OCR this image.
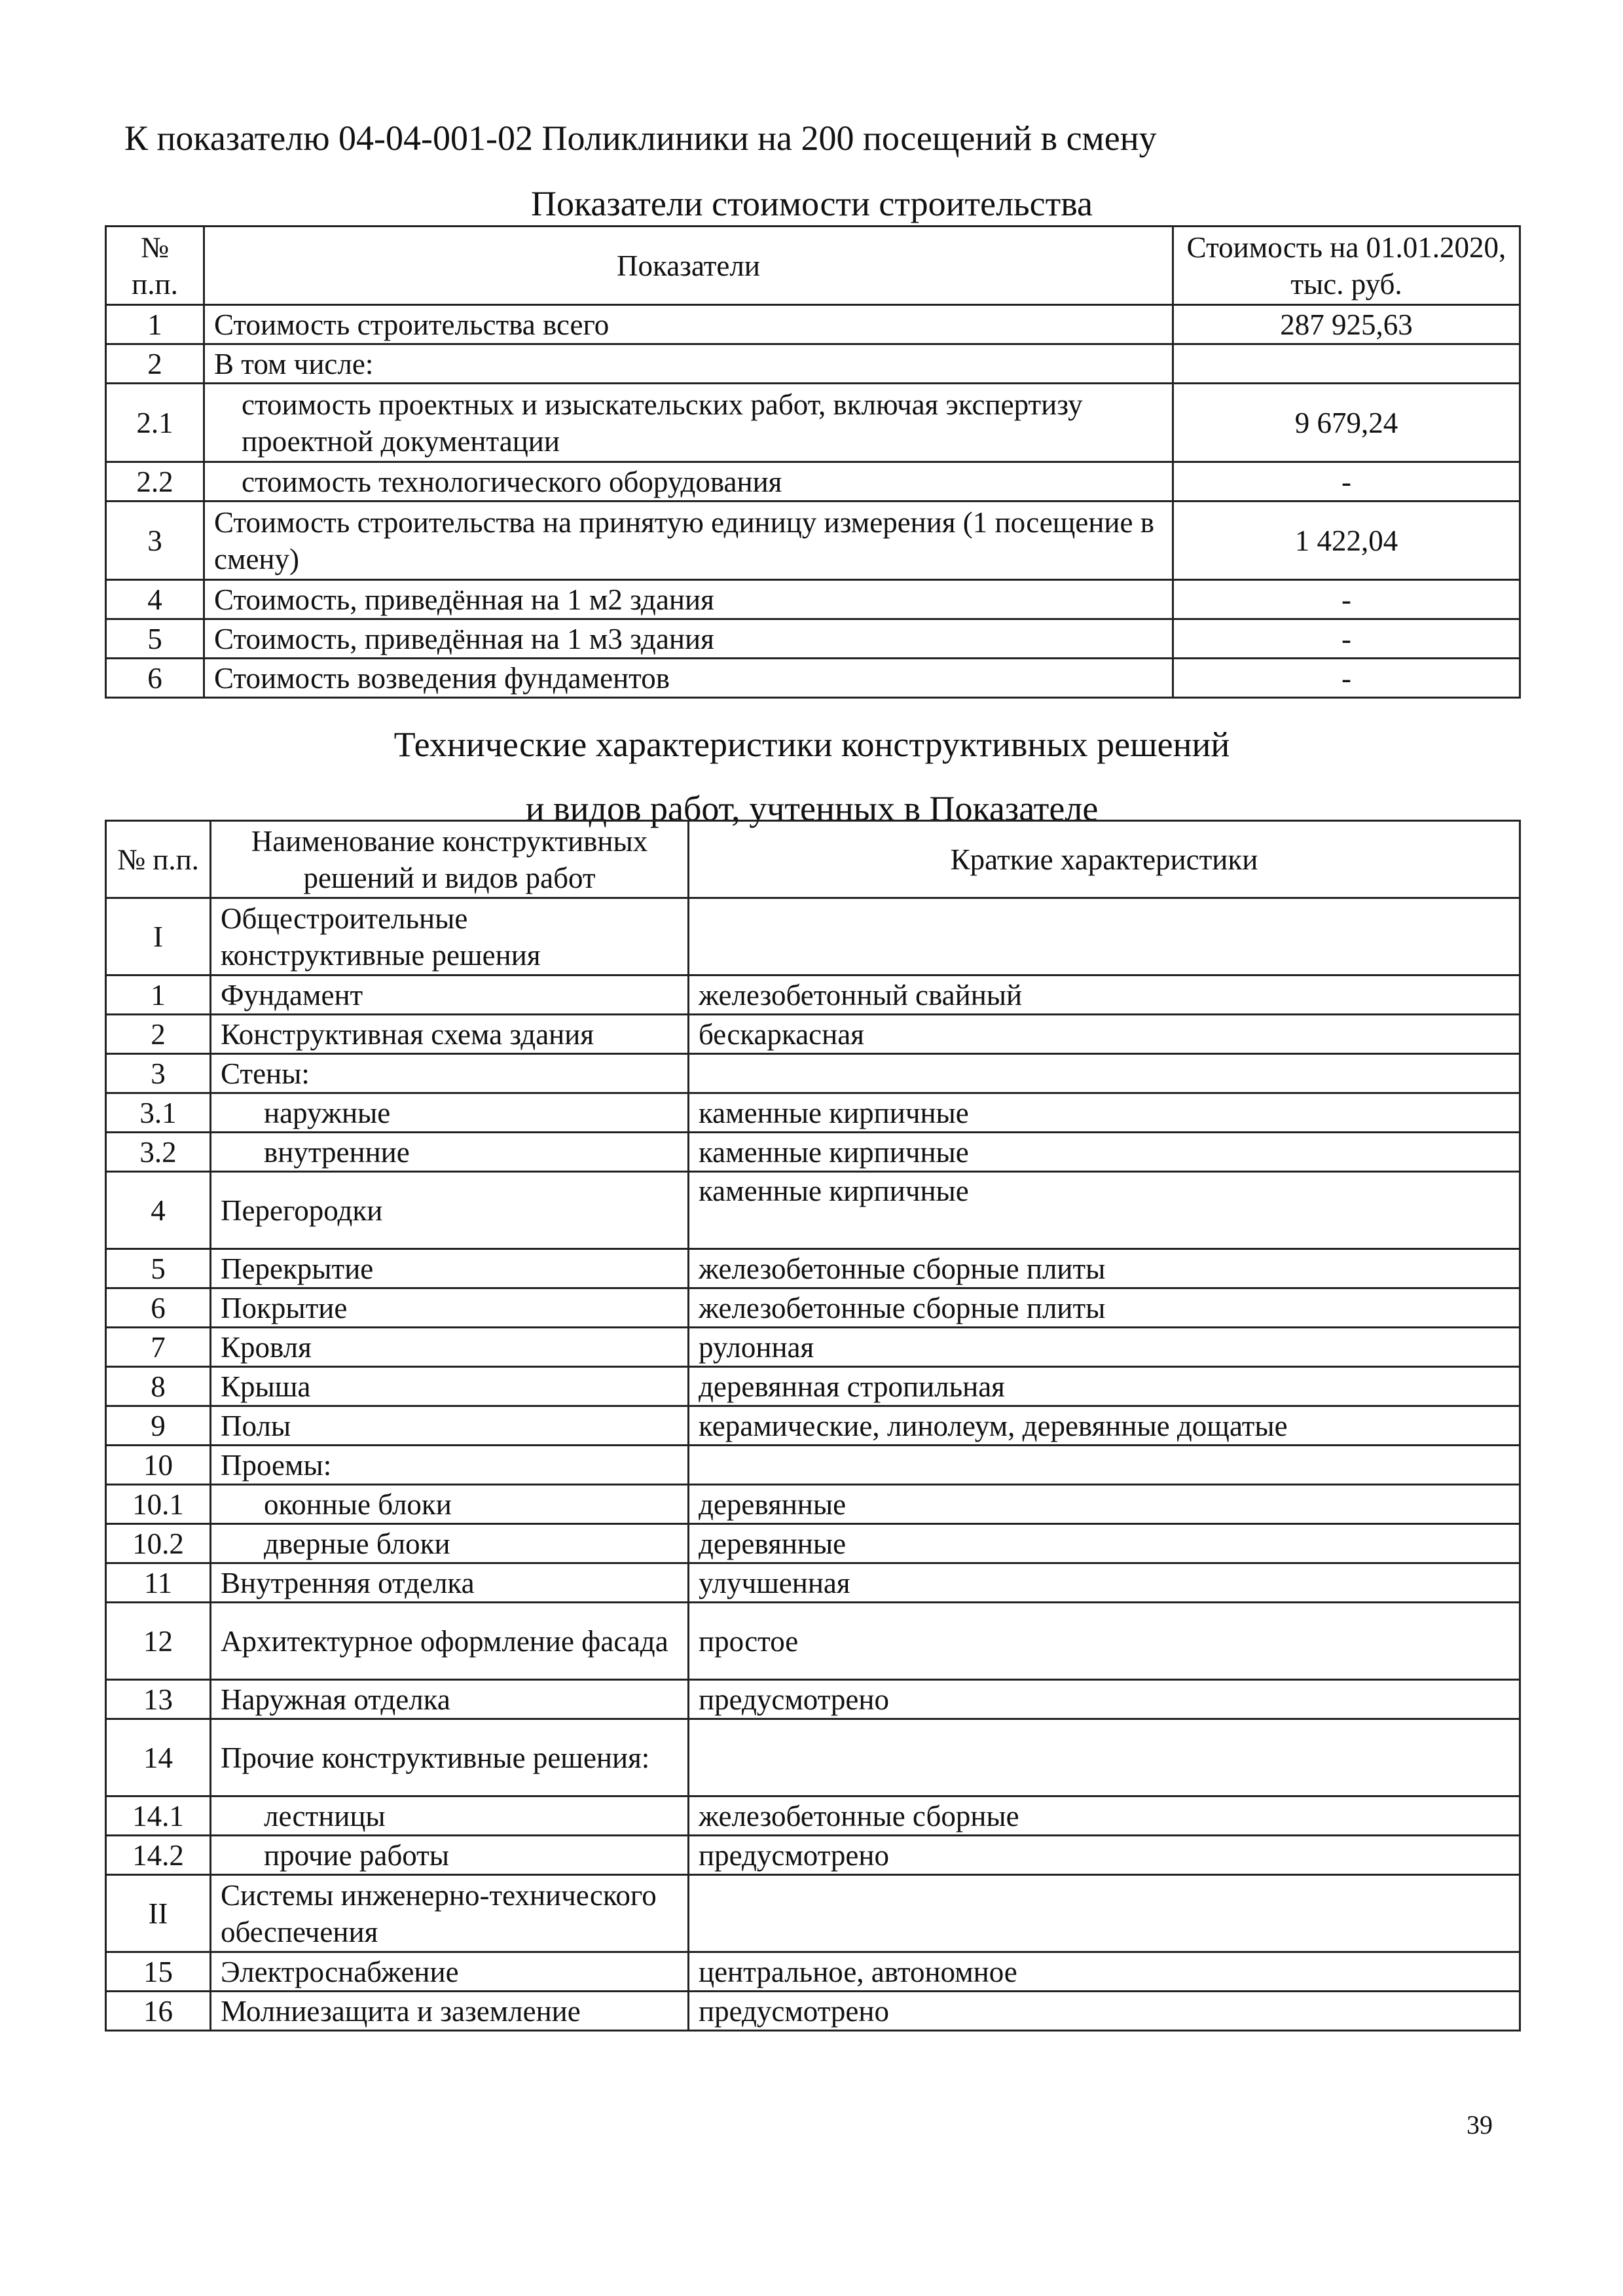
К показателю 04-04-001-02 Поликлиники на 200 посещений в смену
Показатели стоимости строительства
№ п.п.	Показатели	Стоимость на 01.01.2020, тыс. руб.
1	Стоимость строительства всего	287 925,63
2	В том числе:	
2.1	стоимость проектных и изыскательских работ, включая экспертизу проектной документации	9 679,24
2.2	стоимость технологического оборудования	-
3	Стоимость строительства на принятую единицу измерения (1 посещение в смену)	1 422,04
4	Стоимость, приведённая на 1 м2 здания	-
5	Стоимость, приведённая на 1 м3 здания	-
6	Стоимость возведения фундаментов	-
Технические характеристики конструктивных решений
и видов работ, учтенных в Показателе
№ п.п.	Наименование конструктивных решений и видов работ	Краткие характеристики
I	Общестроительные конструктивные решения	
1	Фундамент	железобетонный свайный
2	Конструктивная схема здания	бескаркасная
3	Стены:	
3.1	наружные	каменные кирпичные
3.2	внутренние	каменные кирпичные
4	Перегородки	каменные кирпичные
5	Перекрытие	железобетонные сборные плиты
6	Покрытие	железобетонные сборные плиты
7	Кровля	рулонная
8	Крыша	деревянная стропильная
9	Полы	керамические, линолеум, деревянные дощатые
10	Проемы:	
10.1	оконные блоки	деревянные
10.2	дверные блоки	деревянные
11	Внутренняя отделка	улучшенная
12	Архитектурное оформление фасада	простое
13	Наружная отделка	предусмотрено
14	Прочие конструктивные решения:	
14.1	лестницы	железобетонные сборные
14.2	прочие работы	предусмотрено
II	Системы инженерно-технического обеспечения	
15	Электроснабжение	центральное, автономное
16	Молниезащита и заземление	предусмотрено
39
